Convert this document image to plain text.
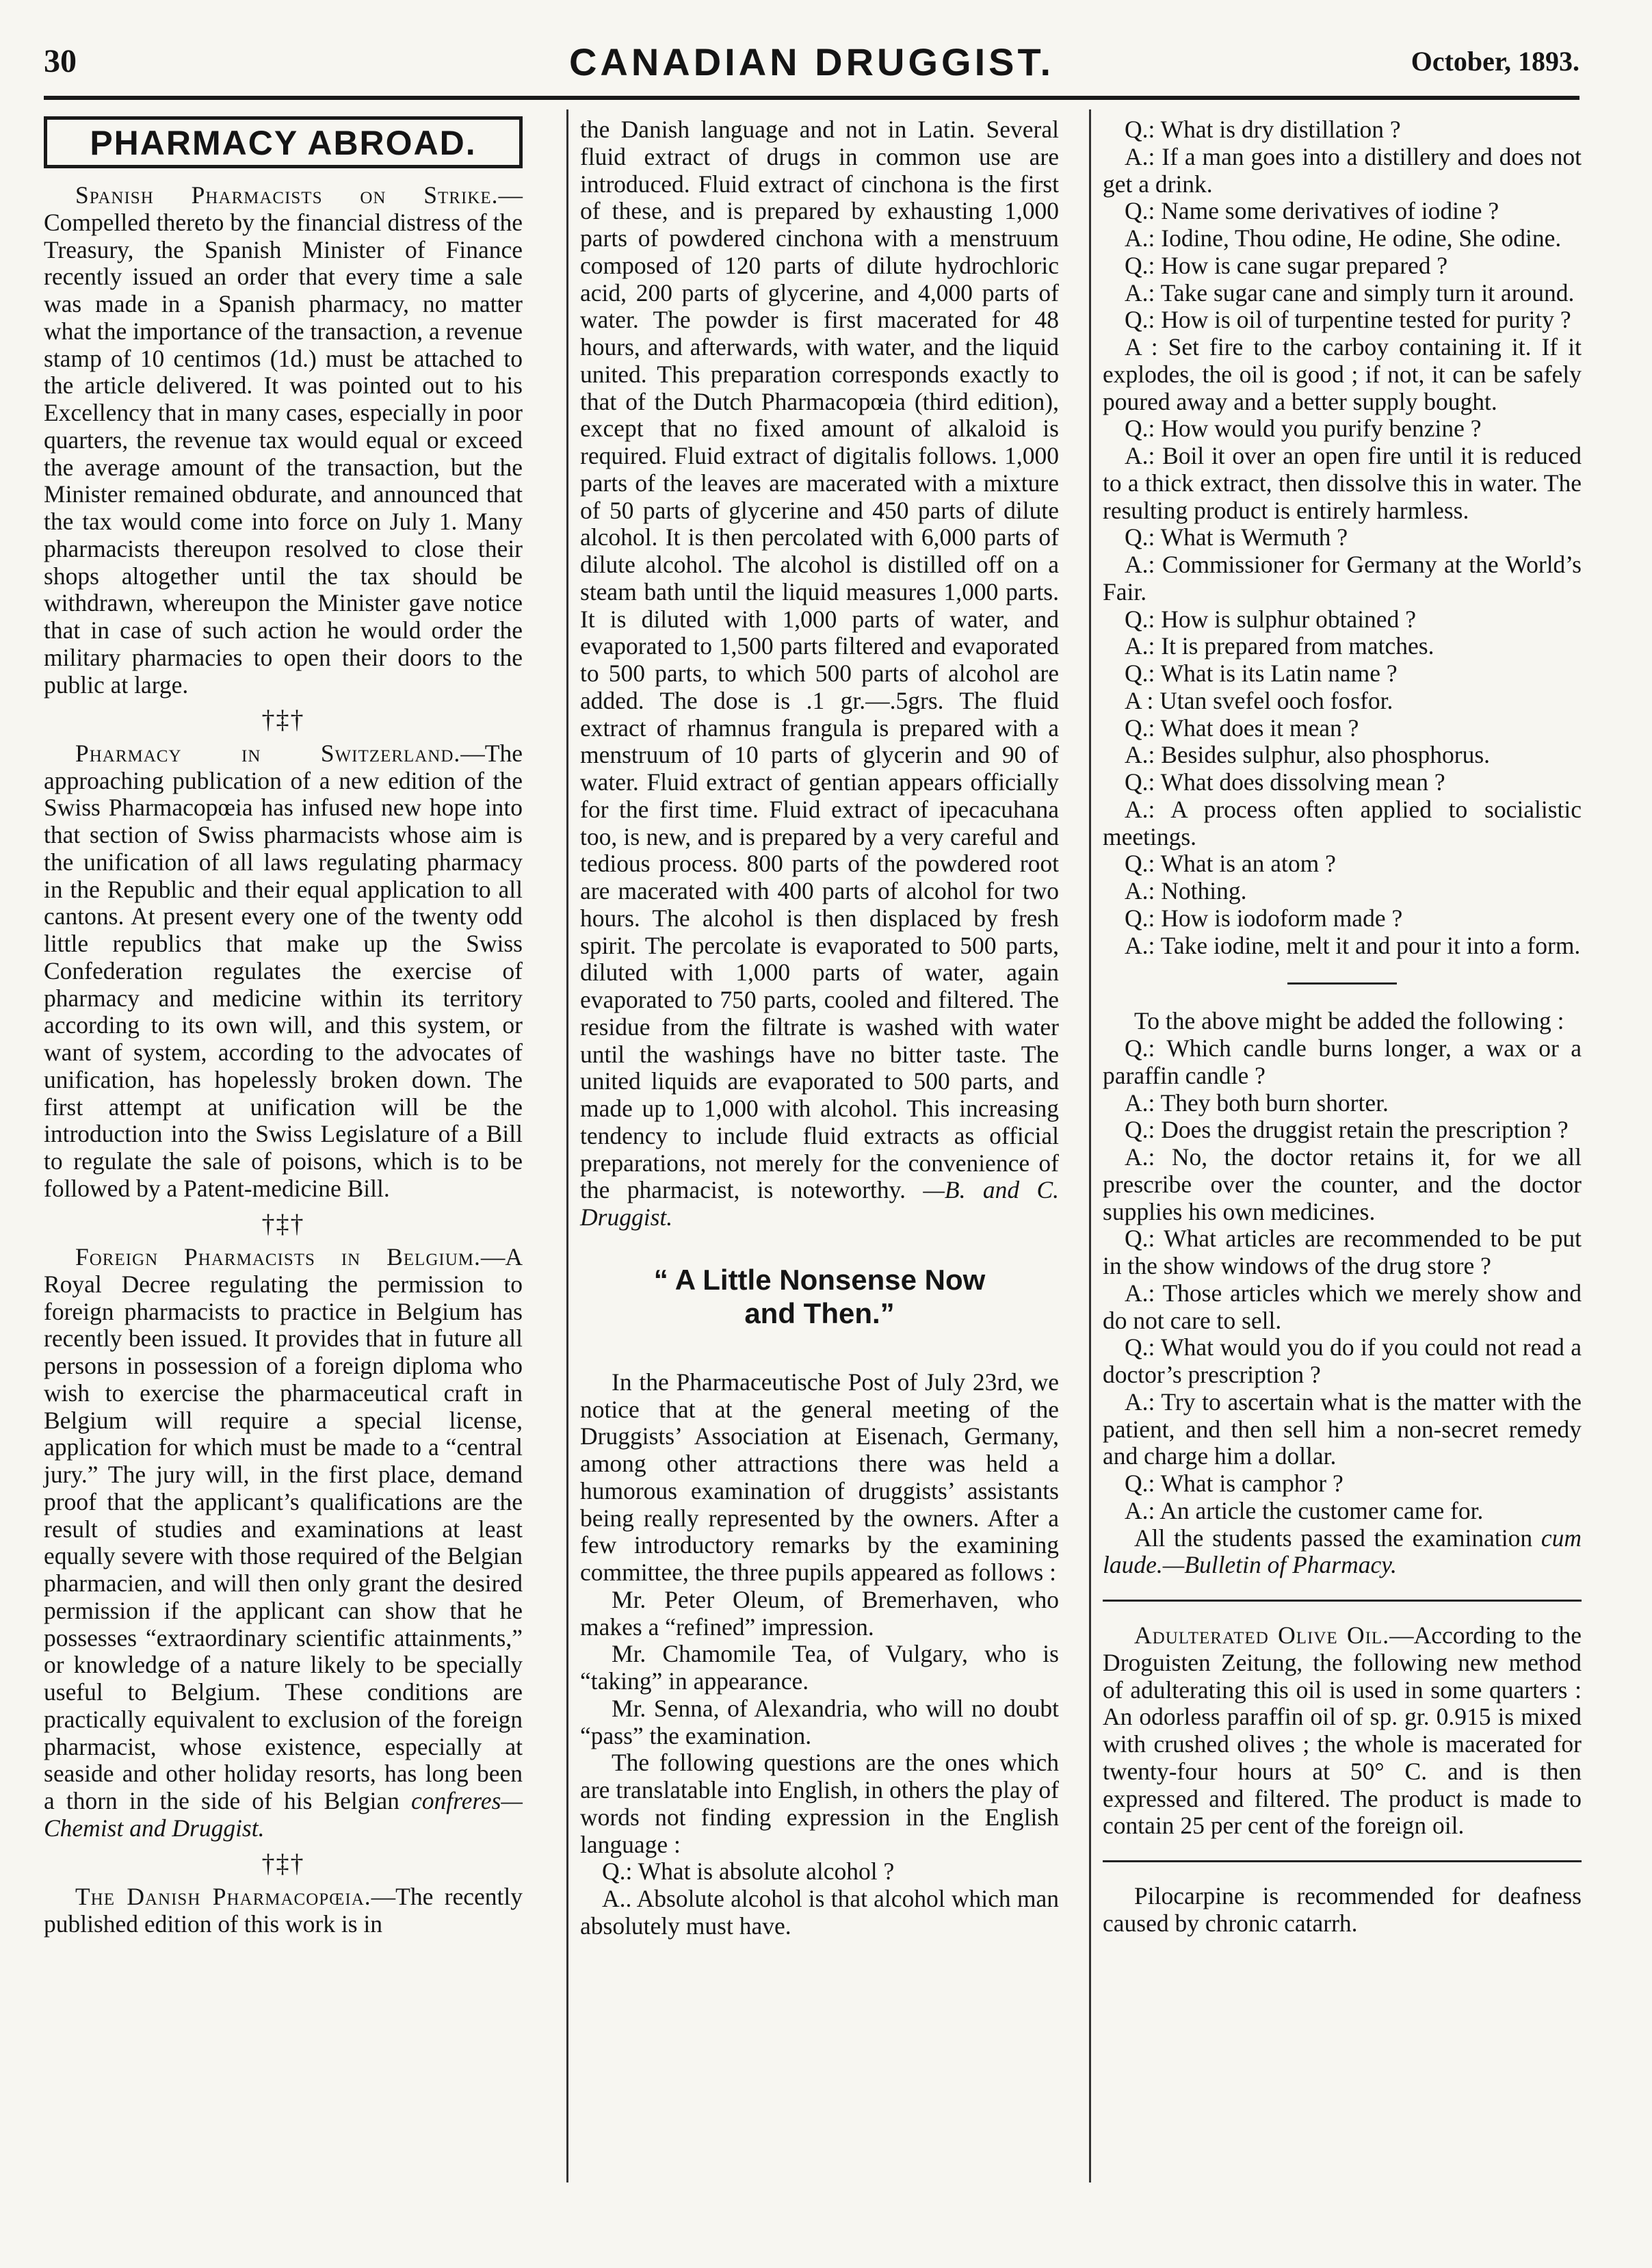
30	CANADIAN DRUGGIST.	October, 1893.
PHARMACY ABROAD.

Spanish Pharmacists on Strike.—Compelled thereto by the financial distress of the Treasury, the Spanish Minister of Finance recently issued an order that every time a sale was made in a Spanish pharmacy, no matter what the importance of the transaction, a revenue stamp of 10 centimos (1d.) must be attached to the article delivered. It was pointed out to his Excellency that in many cases, especially in poor quarters, the revenue tax would equal or exceed the average amount of the transaction, but the Minister remained obdurate, and announced that the tax would come into force on July 1. Many pharmacists thereupon resolved to close their shops altogether until the tax should be withdrawn, whereupon the Minister gave notice that in case of such action he would order the military pharmacies to open their doors to the public at large.

†‡†

Pharmacy in Switzerland.—The approaching publication of a new edition of the Swiss Pharmacopœia has infused new hope into that section of Swiss pharmacists whose aim is the unification of all laws regulating pharmacy in the Republic and their equal application to all cantons. At present every one of the twenty odd little republics that make up the Swiss Confederation regulates the exercise of pharmacy and medicine within its territory according to its own will, and this system, or want of system, according to the advocates of unification, has hopelessly broken down. The first attempt at unification will be the introduction into the Swiss Legislature of a Bill to regulate the sale of poisons, which is to be followed by a Patent-medicine Bill.

†‡†

Foreign Pharmacists in Belgium.—A Royal Decree regulating the permission to foreign pharmacists to practice in Belgium has recently been issued. It provides that in future all persons in possession of a foreign diploma who wish to exercise the pharmaceutical craft in Belgium will require a special license, application for which must be made to a “central jury.” The jury will, in the first place, demand proof that the applicant’s qualifications are the result of studies and examinations at least equally severe with those required of the Belgian pharmacien, and will then only grant the desired permission if the applicant can show that he possesses “extraordinary scientific attainments,” or knowledge of a nature likely to be specially useful to Belgium. These conditions are practically equivalent to exclusion of the foreign pharmacist, whose existence, especially at seaside and other holiday resorts, has long been a thorn in the side of his Belgian confreres—Chemist and Druggist.

†‡†

The Danish Pharmacopœia.—The recently published edition of this work is in

the Danish language and not in Latin. Several fluid extract of drugs in common use are introduced. Fluid extract of cinchona is the first of these, and is prepared by exhausting 1,000 parts of powdered cinchona with a menstruum composed of 120 parts of dilute hydrochloric acid, 200 parts of glycerine, and 4,000 parts of water. The powder is first macerated for 48 hours, and afterwards, with water, and the liquid united. This preparation corresponds exactly to that of the Dutch Pharmacopœia (third edition), except that no fixed amount of alkaloid is required. Fluid extract of digitalis follows. 1,000 parts of the leaves are macerated with a mixture of 50 parts of glycerine and 450 parts of dilute alcohol. It is then percolated with 6,000 parts of dilute alcohol. The alcohol is distilled off on a steam bath until the liquid measures 1,000 parts. It is diluted with 1,000 parts of water, and evaporated to 1,500 parts filtered and evaporated to 500 parts, to which 500 parts of alcohol are added. The dose is .1 gr.—.5grs. The fluid extract of rhamnus frangula is prepared with a menstruum of 10 parts of glycerin and 90 of water. Fluid extract of gentian appears officially for the first time. Fluid extract of ipecacuhana too, is new, and is prepared by a very careful and tedious process. 800 parts of the powdered root are macerated with 400 parts of alcohol for two hours. The alcohol is then displaced by fresh spirit. The percolate is evaporated to 500 parts, diluted with 1,000 parts of water, again evaporated to 750 parts, cooled and filtered. The residue from the filtrate is washed with water until the washings have no bitter taste. The united liquids are evaporated to 500 parts, and made up to 1,000 with alcohol. This increasing tendency to include fluid extracts as official preparations, not merely for the convenience of the pharmacist, is noteworthy. —B. and C. Druggist.

“ A Little Nonsense Now
and Then.”

In the Pharmaceutische Post of July 23rd, we notice that at the general meeting of the Druggists’ Association at Eisenach, Germany, among other attractions there was held a humorous examination of druggists’ assistants being really represented by the owners. After a few introductory remarks by the examining committee, the three pupils appeared as follows :

Mr. Peter Oleum, of Bremerhaven, who makes a “refined” impression.

Mr. Chamomile Tea, of Vulgary, who is “taking” in appearance.

Mr. Senna, of Alexandria, who will no doubt “pass” the examination.

The following questions are the ones which are translatable into English, in others the play of words not finding expression in the English language :

Q.: What is absolute alcohol ?

A.. Absolute alcohol is that alcohol which man absolutely must have.

Q.: What is dry distillation ?

A.: If a man goes into a distillery and does not get a drink.

Q.: Name some derivatives of iodine ?

A.: Iodine, Thou odine, He odine, She odine.

Q.: How is cane sugar prepared ?

A.: Take sugar cane and simply turn it around.

Q.: How is oil of turpentine tested for purity ?

A : Set fire to the carboy containing it. If it explodes, the oil is good ; if not, it can be safely poured away and a better supply bought.

Q.: How would you purify benzine ?

A.: Boil it over an open fire until it is reduced to a thick extract, then dissolve this in water. The resulting product is entirely harmless.

Q.: What is Wermuth ?

A.: Commissioner for Germany at the World’s Fair.

Q.: How is sulphur obtained ?

A.: It is prepared from matches.

Q.: What is its Latin name ?

A : Utan svefel ooch fosfor.

Q.: What does it mean ?

A.: Besides sulphur, also phosphorus.

Q.: What does dissolving mean ?

A.: A process often applied to socialistic meetings.

Q.: What is an atom ?

A.: Nothing.

Q.: How is iodoform made ?

A.: Take iodine, melt it and pour it into a form.

To the above might be added the following :

Q.: Which candle burns longer, a wax or a paraffin candle ?

A.: They both burn shorter.

Q.: Does the druggist retain the prescription ?

A.: No, the doctor retains it, for we all prescribe over the counter, and the doctor supplies his own medicines.

Q.: What articles are recommended to be put in the show windows of the drug store ?

A.: Those articles which we merely show and do not care to sell.

Q.: What would you do if you could not read a doctor’s prescription ?

A.: Try to ascertain what is the matter with the patient, and then sell him a non-secret remedy and charge him a dollar.

Q.: What is camphor ?

A.: An article the customer came for.

All the students passed the examination cum laude.—Bulletin of Pharmacy.

Adulterated Olive Oil.—According to the Droguisten Zeitung, the following new method of adulterating this oil is used in some quarters : An odorless paraffin oil of sp. gr. 0.915 is mixed with crushed olives ; the whole is macerated for twenty-four hours at 50° C. and is then expressed and filtered. The product is made to contain 25 per cent of the foreign oil.

Pilocarpine is recommended for deafness caused by chronic catarrh.
